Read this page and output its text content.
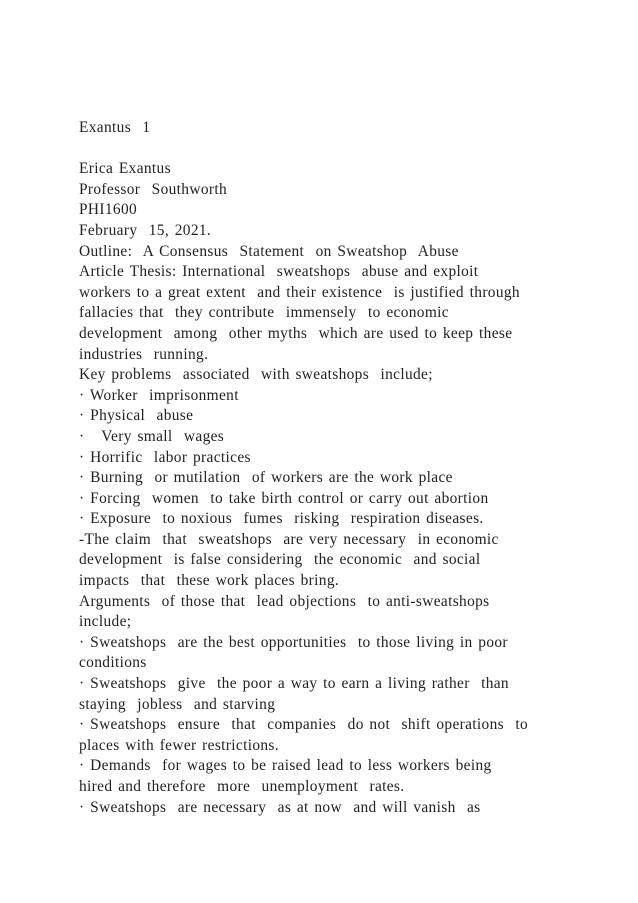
Exantus  1
Erica Exantus
Professor  Southworth
PHI1600
February  15, 2021.
Outline:  A Consensus  Statement  on Sweatshop  Abuse
Article Thesis: International  sweatshops  abuse and exploit
workers to a great extent  and their existence  is justified through
fallacies that  they contribute  immensely  to economic
development  among  other myths  which are used to keep these
industries  running.
Key problems  associated  with sweatshops  include;
· Worker  imprisonment
· Physical  abuse
·   Very small  wages
· Horrific  labor practices
· Burning  or mutilation  of workers are the work place
· Forcing  women  to take birth control or carry out abortion
· Exposure  to noxious  fumes  risking  respiration diseases.
-The claim  that  sweatshops  are very necessary  in economic
development  is false considering  the economic  and social
impacts  that  these work places bring.
Arguments  of those that  lead objections  to anti-sweatshops
include;
· Sweatshops  are the best opportunities  to those living in poor
conditions
· Sweatshops  give  the poor a way to earn a living rather  than
staying  jobless  and starving
· Sweatshops  ensure  that  companies  do not  shift operations  to
places with fewer restrictions.
· Demands  for wages to be raised lead to less workers being
hired and therefore  more  unemployment  rates.
· Sweatshops  are necessary  as at now  and will vanish  as
